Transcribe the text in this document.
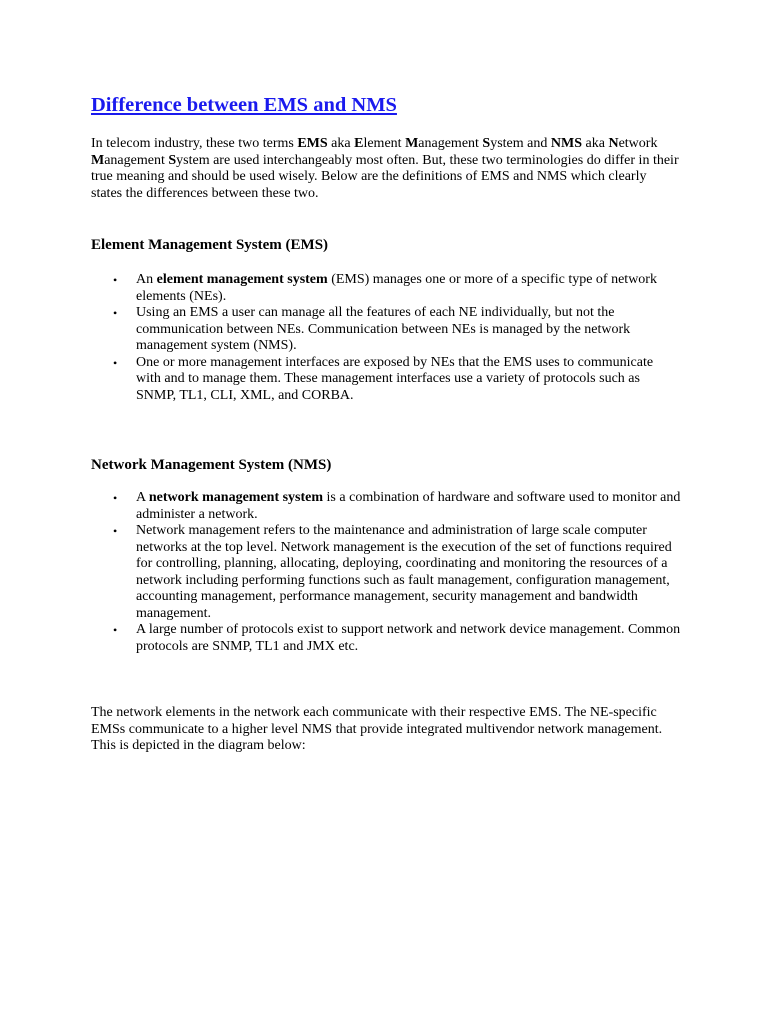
Difference between EMS and NMS

In telecom industry, these two terms EMS aka Element Management System and NMS aka Network Management System are used interchangeably most often. But, these two terminologies do differ in their true meaning and should be used wisely. Below are the definitions of EMS and NMS which clearly states the differences between these two.

Element Management System (EMS)
• An element management system (EMS) manages one or more of a specific type of network elements (NEs).
• Using an EMS a user can manage all the features of each NE individually, but not the communication between NEs. Communication between NEs is managed by the network management system (NMS).
• One or more management interfaces are exposed by NEs that the EMS uses to communicate with and to manage them. These management interfaces use a variety of protocols such as SNMP, TL1, CLI, XML, and CORBA.
Network Management System (NMS)
• A network management system is a combination of hardware and software used to monitor and administer a network.
• Network management refers to the maintenance and administration of large scale computer networks at the top level. Network management is the execution of the set of functions required for controlling, planning, allocating, deploying, coordinating and monitoring the resources of a network including performing functions such as fault management, configuration management, accounting management, performance management, security management and bandwidth management.
• A large number of protocols exist to support network and network device management. Common protocols are SNMP, TL1 and JMX etc.

The network elements in the network each communicate with their respective EMS. The NE-specific EMSs communicate to a higher level NMS that provide integrated multivendor network management. This is depicted in the diagram below:
